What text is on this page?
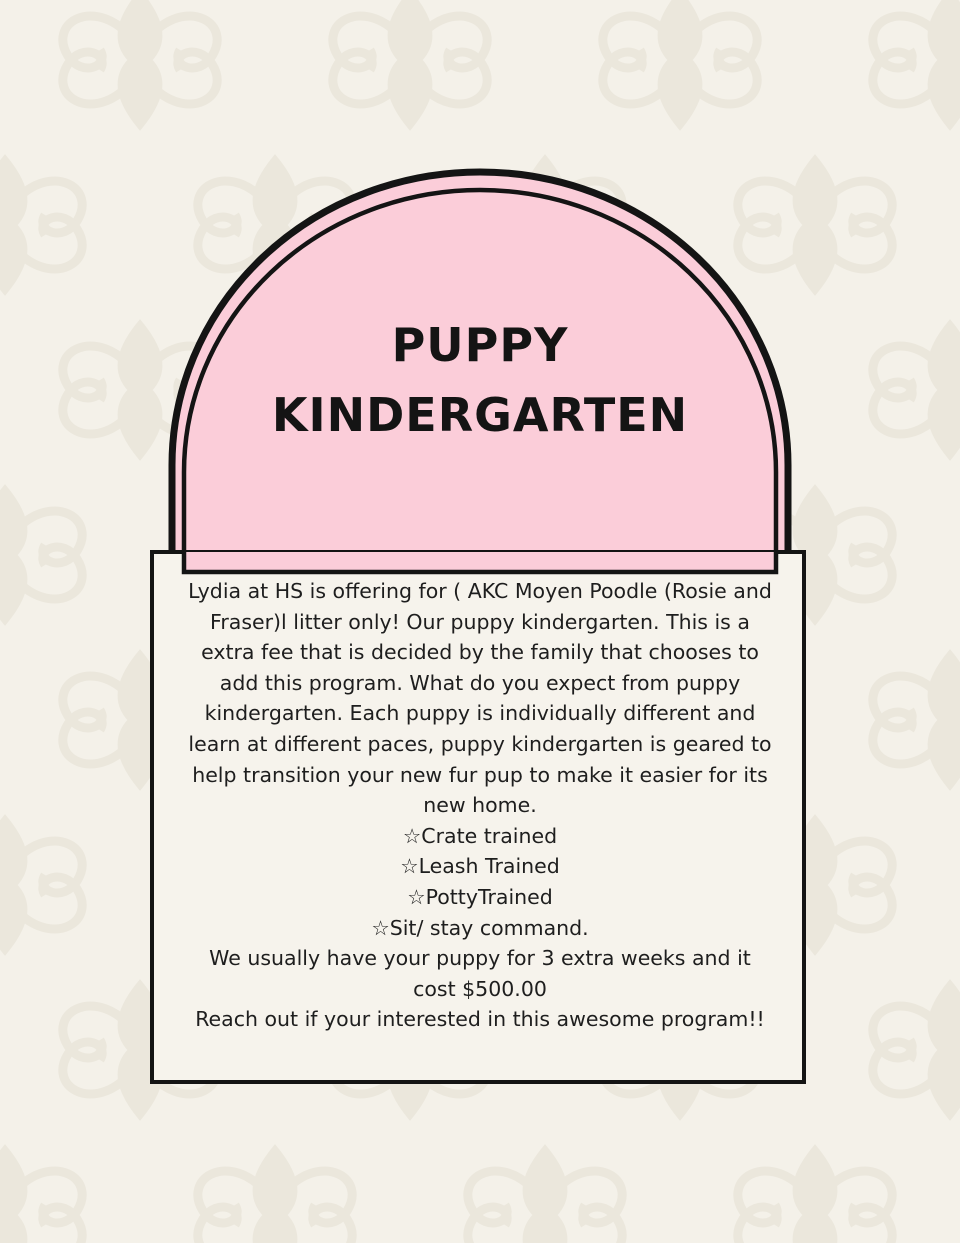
PUPPY
KINDERGARTEN

Lydia at HS is offering for ( AKC Moyen Poodle (Rosie and Fraser)l litter only! Our puppy kindergarten. This is a extra fee that is decided by the family that chooses to add this program. What do you expect from puppy kindergarten. Each puppy is individually different and learn at different paces, puppy kindergarten is geared to help transition your new fur pup to make it easier for its new home.

☆Crate trained

☆Leash Trained

☆PottyTrained

☆Sit/ stay command.

We usually have your puppy for 3 extra weeks and it cost $500.00

Reach out if your interested in this awesome program!!
